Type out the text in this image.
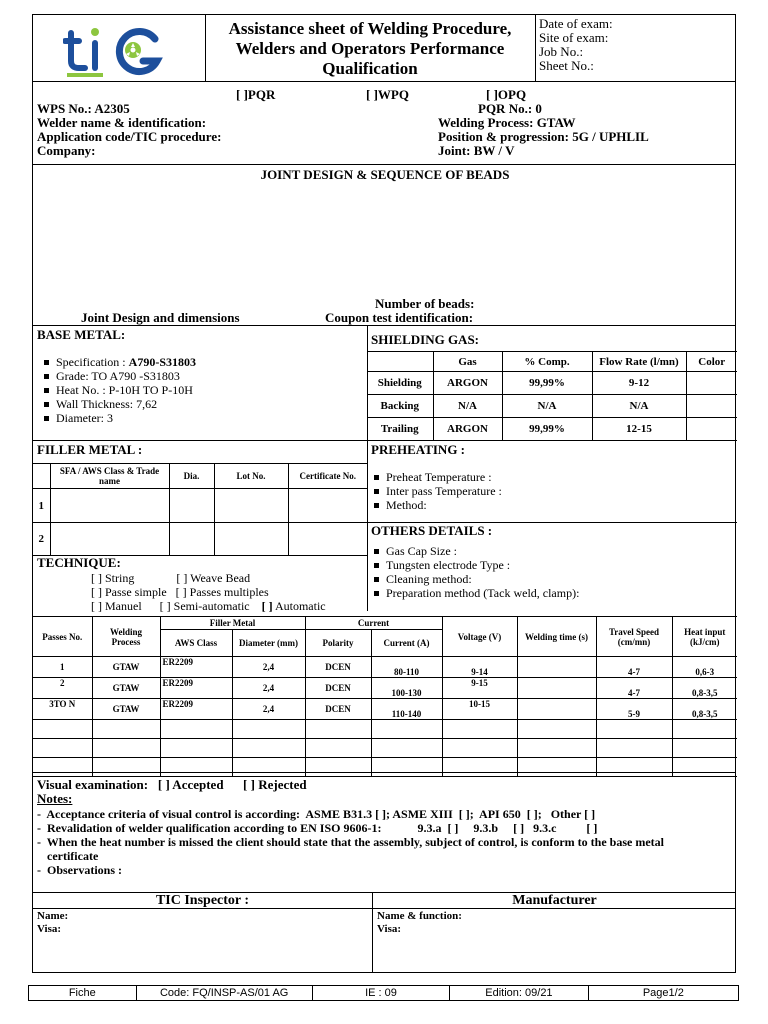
Assistance sheet of Welding Procedure,
Welders and Operators Performance
Qualification
Date of exam:
Site of exam:
Job No.:
Sheet No.:
[ ]PQR	[ ]WPQ	[ ]OPQ
WPS No.: A2305
Welder name & identification:
Application code/TIC procedure:
Company:
PQR No.: 0
Welding Process: GTAW
Position & progression: 5G / UPHLIL
Joint: BW / V
JOINT DESIGN & SEQUENCE OF BEADS
Number of beads:
Joint Design and dimensions	Coupon test identification:
BASE METAL:
Specification : A790-S31803
Grade: TO A790 -S31803
Heat No. : P-10H TO P-10H
Wall Thickness: 7,62
Diameter: 3
SHIELDING GAS:
	Gas	% Comp.	Flow Rate (l/mn)	Color
Shielding	ARGON	99,99%	9-12	
Backing	N/A	N/A	N/A	
Trailing	ARGON	99,99%	12-15	
FILLER METAL :
	SFA / AWS Class & Trade name	Dia.	Lot No.	Certificate No.
1				
2				
PREHEATING :
Preheat Temperature :
Inter pass Temperature :
Method:
OTHERS DETAILS :
Gas Cap Size :
Tungsten electrode Type :
Cleaning method:
Preparation method (Tack weld, clamp):
TECHNIQUE:
[ ] String              [ ] Weave Bead
[ ] Passe simple   [ ] Passes multiples
[ ] Manuel      [ ] Semi-automatic    [ ] Automatic
Passes No.	Welding Process	Filler Metal		Current		Voltage (V)	Welding time (s)	Travel Speed (cm/mn)	Heat input (kJ/cm)
		AWS Class	Diameter (mm)	Polarity	Current (A)				
1	GTAW	ER2209	2,4	DCEN	80-110	9-14		4-7	0,6-3
2	GTAW	ER2209	2,4	DCEN	100-130	9-15		4-7	0,8-3,5
3TO N	GTAW	ER2209	2,4	DCEN	110-140	10-15		5-9	0,8-3,5

Visual examination:   [ ] Accepted      [ ] Rejected
Notes:
-  Acceptance criteria of visual control is according:  ASME B31.3 [ ]; ASME XIII  [ ];  API 650  [ ];   Other [ ]
-  Revalidation of welder qualification according to EN ISO 9606-1:            9.3.a  [ ]     9.3.b     [ ]   9.3.c          [ ]
-  When the heat number is missed the client should state that the assembly, subject of control, is conform to the base metal
certificate
-  Observations :
TIC Inspector :	Manufacturer
Name:
Visa:
Name & function:
Visa:
Fiche	Code: FQ/INSP-AS/01 AG	IE : 09	Edition: 09/21	Page1/2
